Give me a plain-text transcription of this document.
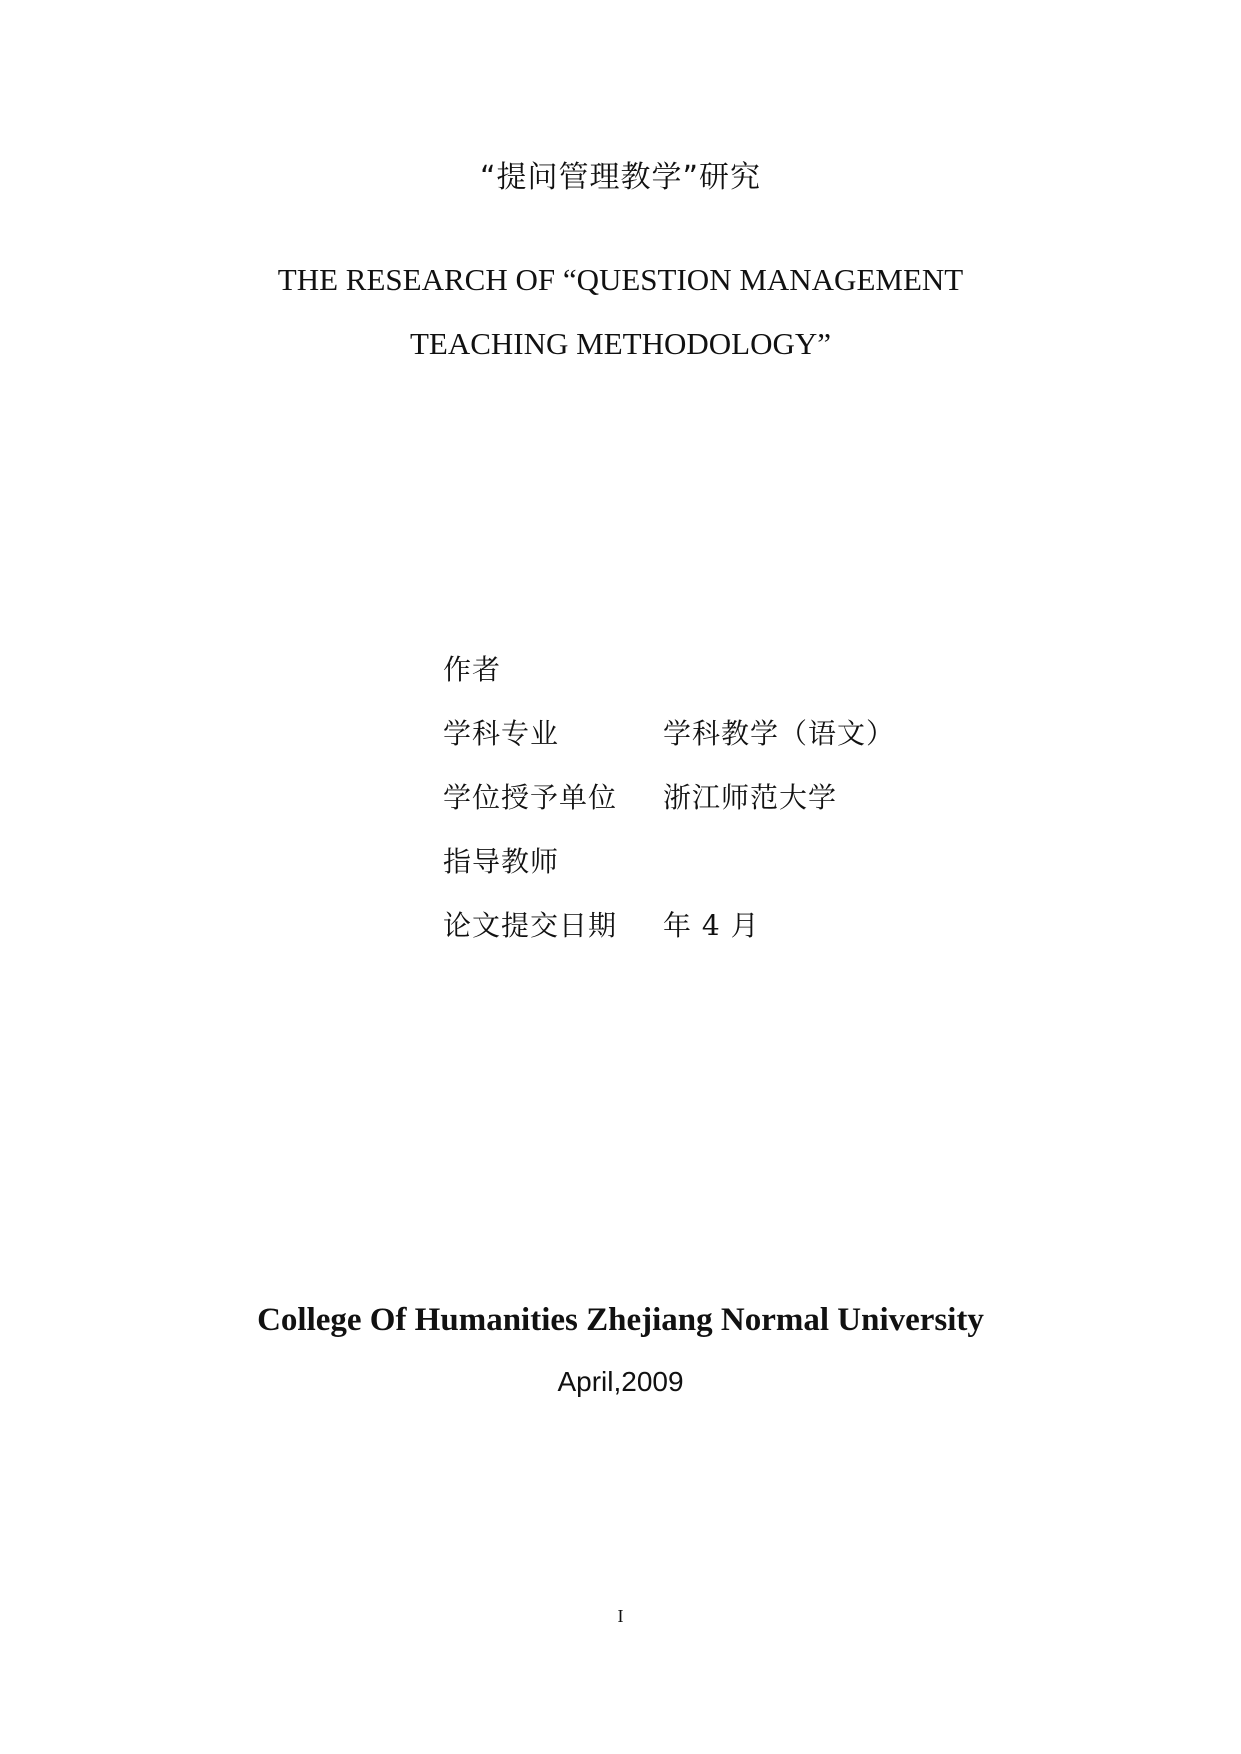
“提问管理教学”研究
THE RESEARCH OF “QUESTION MANAGEMENT
TEACHING METHODOLOGY”
作者
学科专业	学科教学（语文）
学位授予单位	浙江师范大学
指导教师
论文提交日期	年 4 月
College Of Humanities Zhejiang Normal University
April,2009
I
